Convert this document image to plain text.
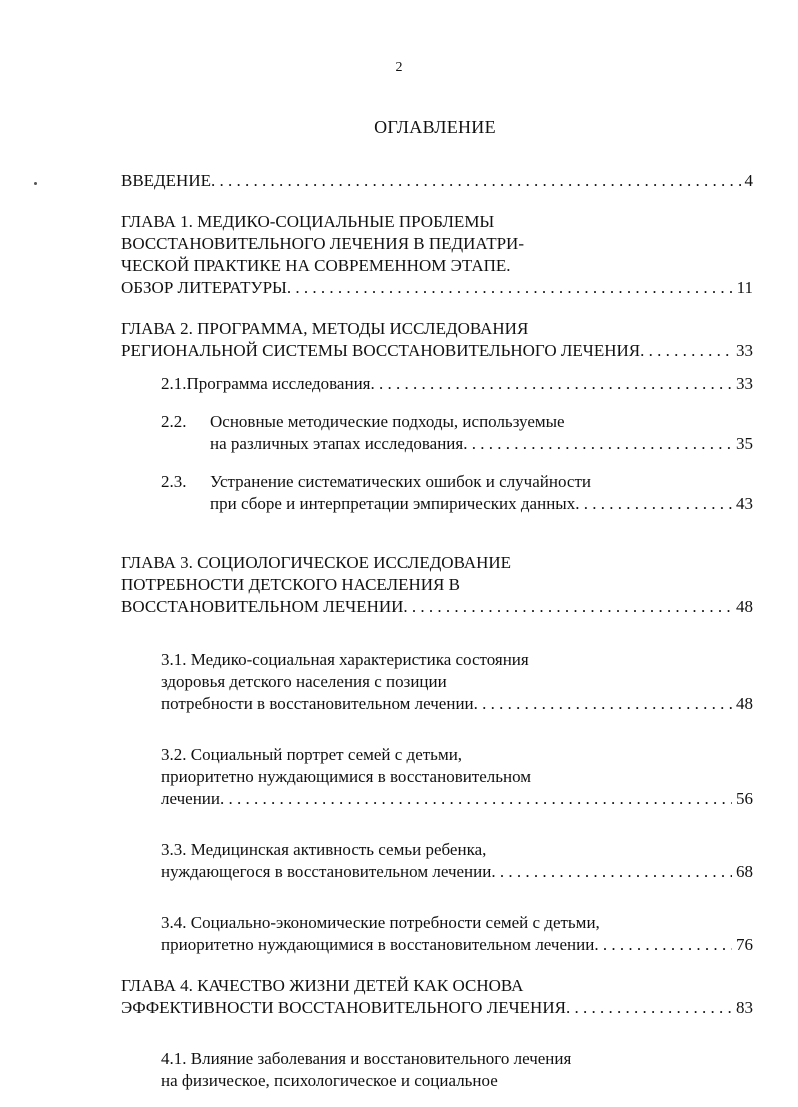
2
ОГЛАВЛЕНИЕ
ВВЕДЕНИЕ . . .	4
ГЛАВА 1. МЕДИКО-СОЦИАЛЬНЫЕ ПРОБЛЕМЫ
ВОССТАНОВИТЕЛЬНОГО ЛЕЧЕНИЯ В ПЕДИАТРИ-
ЧЕСКОЙ ПРАКТИКЕ НА СОВРЕМЕННОМ ЭТАПЕ.
ОБЗОР ЛИТЕРАТУРЫ . . .	11
ГЛАВА 2. ПРОГРАММА, МЕТОДЫ ИССЛЕДОВАНИЯ
РЕГИОНАЛЬНОЙ СИСТЕМЫ ВОССТАНОВИТЕЛЬНОГО ЛЕЧЕНИЯ . . .	33
2.1. Программа исследования . . .	33
2.2. Основные методические подходы, используемые
на различных этапах исследования . . .	35
2.3. Устранение систематических ошибок и случайности
при сборе и интерпретации эмпирических данных . . .	43
ГЛАВА 3. СОЦИОЛОГИЧЕСКОЕ ИССЛЕДОВАНИЕ
ПОТРЕБНОСТИ ДЕТСКОГО НАСЕЛЕНИЯ В
ВОССТАНОВИТЕЛЬНОМ ЛЕЧЕНИИ . . .	48
3.1. Медико-социальная характеристика состояния
здоровья детского населения с позиции
потребности в восстановительном лечении . . .	48
3.2. Социальный портрет семей с детьми,
приоритетно нуждающимися в восстановительном
лечении . . .	56
3.3. Медицинская активность семьи ребенка,
нуждающегося в восстановительном лечении . . .	68
3.4. Социально-экономические потребности семей с детьми,
приоритетно нуждающимися в восстановительном лечении . . .	76
ГЛАВА 4. КАЧЕСТВО ЖИЗНИ ДЕТЕЙ КАК ОСНОВА
ЭФФЕКТИВНОСТИ ВОССТАНОВИТЕЛЬНОГО ЛЕЧЕНИЯ . . .	83
4.1. Влияние заболевания и восстановительного лечения
на физическое, психологическое и социальное
